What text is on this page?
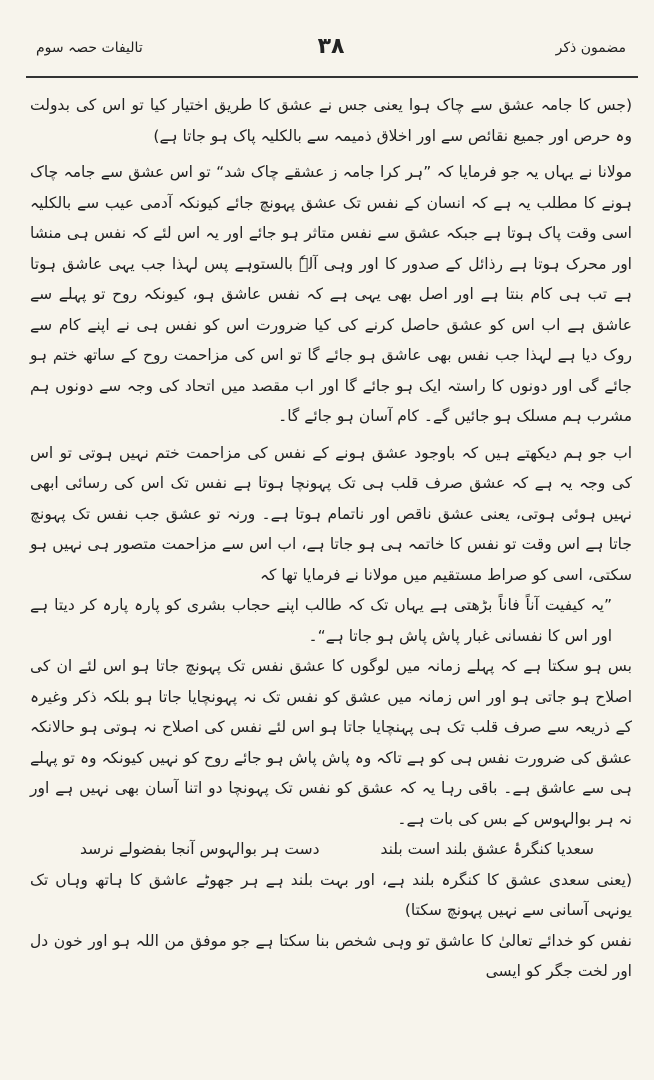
مضمون ذکر
۳۸
تالیفات حصہ سوم

(جس کا جامہ عشق سے چاک ہوا یعنی جس نے عشق کا طریق اختیار کیا تو اس کی بدولت وہ حرص اور جمیع نقائص سے اور اخلاق ذمیمہ سے بالکلیہ پاک ہو جاتا ہے)

مولانا نے یہاں یہ جو فرمایا کہ ”ہر کرا جامہ ز عشقے چاک شد“ تو اس عشق سے جامہ چاک ہونے کا مطلب یہ ہے کہ انسان کے نفس تک عشق پہونچ جائے کیونکہ آدمی عیب سے بالکلیہ اسی وقت پاک ہوتا ہے جبکہ عشق سے نفس متاثر ہو جائے اور یہ اس لئے کہ نفس ہی منشا اور محرک ہوتا ہے رذائل کے صدور کا اور وہی آلہٗ بالستوہے پس لہذا جب یہی عاشق ہوتا ہے تب ہی کام بنتا ہے اور اصل بھی یہی ہے کہ نفس عاشق ہو، کیونکہ روح تو پہلے سے عاشق ہے اب اس کو عشق حاصل کرنے کی کیا ضرورت اس کو نفس ہی نے اپنے کام سے روک دیا ہے لہذا جب نفس بھی عاشق ہو جائے گا تو اس کی مزاحمت روح کے ساتھ ختم ہو جائے گی اور دونوں کا راستہ ایک ہو جائے گا اور اب مقصد میں اتحاد کی وجہ سے دونوں ہم مشرب ہم مسلک ہو جائیں گے۔ کام آسان ہو جائے گا۔

اب جو ہم دیکھتے ہیں کہ باوجود عشق ہونے کے نفس کی مزاحمت ختم نہیں ہوتی تو اس کی وجہ یہ ہے کہ عشق صرف قلب ہی تک پہونچا ہوتا ہے نفس تک اس کی رسائی ابھی نہیں ہوئی ہوتی، یعنی عشق ناقص اور ناتمام ہوتا ہے۔ ورنہ تو عشق جب نفس تک پہونچ جاتا ہے اس وقت تو نفس کا خاتمہ ہی ہو جاتا ہے، اب اس سے مزاحمت متصور ہی نہیں ہو سکتی، اسی کو صراط مستقیم میں مولانا نے فرمایا تھا کہ

”یہ کیفیت آناً فاناً بڑھتی ہے یہاں تک کہ طالب اپنے حجاب بشری کو پارہ پارہ کر دیتا ہے اور اس کا نفسانی غبار پاش پاش ہو جاتا ہے“۔

بس ہو سکتا ہے کہ پہلے زمانہ میں لوگوں کا عشق نفس تک پہونچ جاتا ہو اس لئے ان کی اصلاح ہو جاتی ہو اور اس زمانہ میں عشق کو نفس تک نہ پہونچایا جاتا ہو بلکہ ذکر وغیرہ کے ذریعہ سے صرف قلب تک ہی پہنچایا جاتا ہو اس لئے نفس کی اصلاح نہ ہوتی ہو حالانکہ عشق کی ضرورت نفس ہی کو ہے تاکہ وہ پاش پاش ہو جائے روح کو نہیں کیونکہ وہ تو پہلے ہی سے عاشق ہے۔ باقی رہا یہ کہ عشق کو نفس تک پہونچا دو اتنا آسان بھی نہیں ہے اور نہ ہر بوالہوس کے بس کی بات ہے۔

سعدیا کنگرۂ عشق بلند است بلند
دست ہر بوالہوس آنجا بفضولے نرسد

(یعنی سعدی عشق کا کنگرہ بلند ہے، اور بہت بلند ہے ہر جھوٹے عاشق کا ہاتھ وہاں تک یونہی آسانی سے نہیں پہونچ سکتا)

نفس کو خدائے تعالیٰ کا عاشق تو وہی شخص بنا سکتا ہے جو موفق من اللہ ہو اور خون دل اور لخت جگر کو ایسی
